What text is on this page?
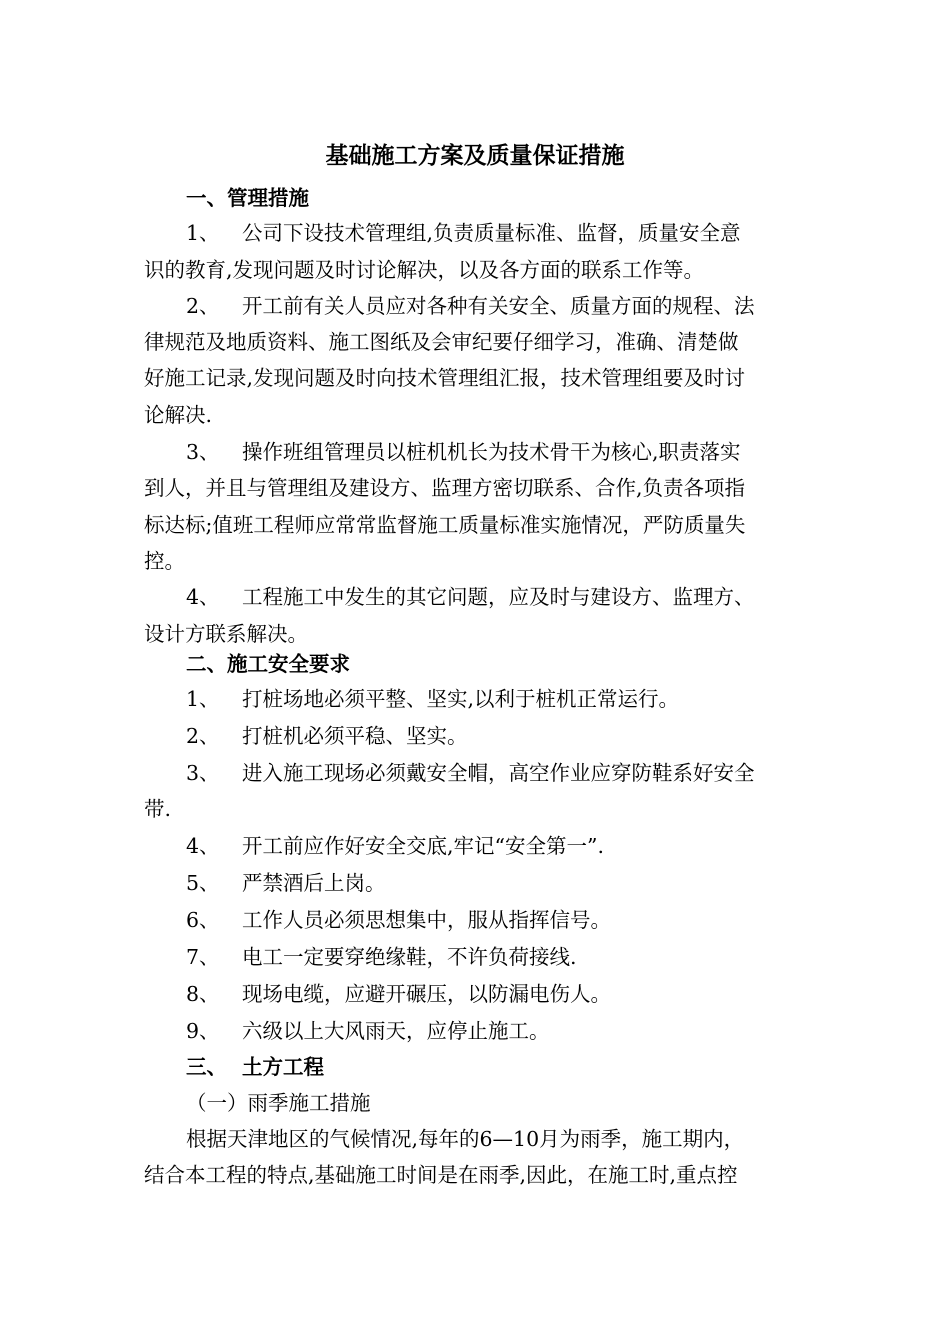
基础施工方案及质量保证措施
一、管理措施
1、 公司下设技术管理组,负责质量标准、监督，质量安全意
识的教育,发现问题及时讨论解决，以及各方面的联系工作等。
2、 开工前有关人员应对各种有关安全、质量方面的规程、法
律规范及地质资料、施工图纸及会审纪要仔细学习，准确、清楚做
好施工记录,发现问题及时向技术管理组汇报，技术管理组要及时讨
论解决.
3、 操作班组管理员以桩机机长为技术骨干为核心,职责落实
到人，并且与管理组及建设方、监理方密切联系、合作,负责各项指
标达标;值班工程师应常常监督施工质量标准实施情况，严防质量失
控。
4、 工程施工中发生的其它问题，应及时与建设方、监理方、
设计方联系解决。
二、施工安全要求
1、 打桩场地必须平整、坚实,以利于桩机正常运行。
2、 打桩机必须平稳、坚实。
3、 进入施工现场必须戴安全帽，高空作业应穿防鞋系好安全
带.
4、 开工前应作好安全交底,牢记“安全第一”.
5、 严禁酒后上岗。
6、 工作人员必须思想集中，服从指挥信号。
7、 电工一定要穿绝缘鞋，不许负荷接线.
8、 现场电缆，应避开碾压，以防漏电伤人。
9、 六级以上大风雨天，应停止施工。
三、 土方工程
（一）雨季施工措施
根据天津地区的气候情况,每年的6—10月为雨季，施工期内，
结合本工程的特点,基础施工时间是在雨季,因此，在施工时,重点控
